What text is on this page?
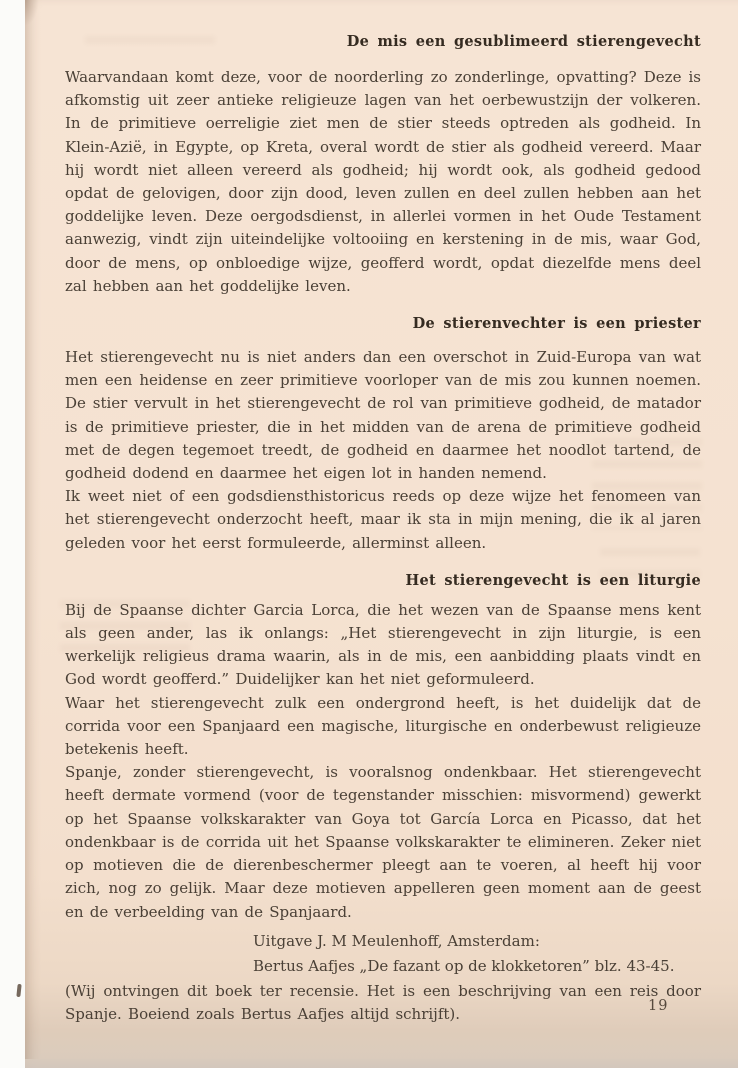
De mis een gesublimeerd stierengevecht

Waarvandaan komt deze, voor de noorderling zo zonderlinge, opvatting? Deze is afkomstig uit zeer antieke religieuze lagen van het oerbewustzijn der volkeren. In de primitieve oerreligie ziet men de stier steeds optreden als godheid. In Klein-Azië, in Egypte, op Kreta, overal wordt de stier als godheid vereerd. Maar hij wordt niet alleen vereerd als godheid; hij wordt ook, als godheid gedood opdat de gelovigen, door zijn dood, leven zullen en deel zullen hebben aan het goddelijke leven. Deze oergodsdienst, in allerlei vormen in het Oude Testament aanwezig, vindt zijn uiteindelijke voltooiing en kerstening in de mis, waar God, door de mens, op onbloedige wijze, geofferd wordt, opdat diezelfde mens deel zal hebben aan het goddelijke leven.

De stierenvechter is een priester

Het stierengevecht nu is niet anders dan een overschot in Zuid-Europa van wat men een heidense en zeer primitieve voorloper van de mis zou kunnen noemen. De stier vervult in het stierengevecht de rol van primitieve godheid, de matador is de primitieve priester, die in het midden van de arena de primitieve godheid met de degen tegemoet treedt, de godheid en daarmee het noodlot tartend, de godheid dodend en daarmee het eigen lot in handen nemend.

Ik weet niet of een godsdiensthistoricus reeds op deze wijze het fenomeen van het stierengevecht onderzocht heeft, maar ik sta in mijn mening, die ik al jaren geleden voor het eerst formuleerde, allerminst alleen.

Het stierengevecht is een liturgie

Bij de Spaanse dichter Garcia Lorca, die het wezen van de Spaanse mens kent als geen ander, las ik onlangs: „Het stierengevecht in zijn liturgie, is een werkelijk religieus drama waarin, als in de mis, een aanbidding plaats vindt en God wordt geofferd.” Duidelijker kan het niet geformuleerd.

Waar het stierengevecht zulk een ondergrond heeft, is het duidelijk dat de corrida voor een Spanjaard een magische, liturgische en onderbewust religieuze betekenis heeft.

Spanje, zonder stierengevecht, is vooralsnog ondenkbaar. Het stierengevecht heeft dermate vormend (voor de tegenstander misschien: misvormend) gewerkt op het Spaanse volkskarakter van Goya tot García Lorca en Picasso, dat het ondenkbaar is de corrida uit het Spaanse volkskarakter te elimineren. Zeker niet op motieven die de dierenbeschermer pleegt aan te voeren, al heeft hij voor zich, nog zo gelijk. Maar deze motieven appelleren geen moment aan de geest en de verbeelding van de Spanjaard.

Uitgave J. M Meulenhoff, Amsterdam:
Bertus Aafjes „De fazant op de klokketoren” blz. 43-45.

(Wij ontvingen dit boek ter recensie. Het is een beschrijving van een reis door Spanje. Boeiend zoals Bertus Aafjes altijd schrijft).	19
